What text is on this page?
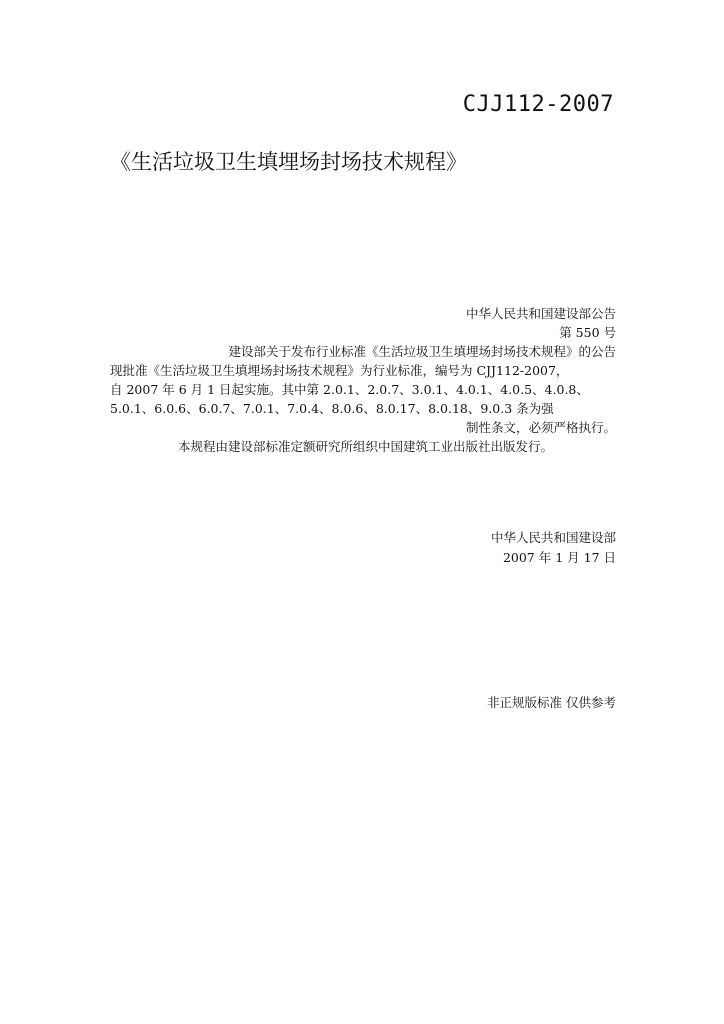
CJJ112-2007
《生活垃圾卫生填埋场封场技术规程》
中华人民共和国建设部公告
第 550 号
建设部关于发布行业标准《生活垃圾卫生填埋场封场技术规程》的公告
现批准《生活垃圾卫生填埋场封场技术规程》为行业标准，编号为 CJJ112-2007，
自 2007 年 6 月 1 日起实施。其中第 2.0.1、2.0.7、3.0.1、4.0.1、4.0.5、4.0.8、
5.0.1、6.0.6、6.0.7、7.0.1、7.0.4、8.0.6、8.0.17、8.0.18、9.0.3 条为强
制性条文，必须严格执行。
本规程由建设部标准定额研究所组织中国建筑工业出版社出版发行。
中华人民共和国建设部
2007 年 1 月 17 日
非正规版标准 仅供参考
